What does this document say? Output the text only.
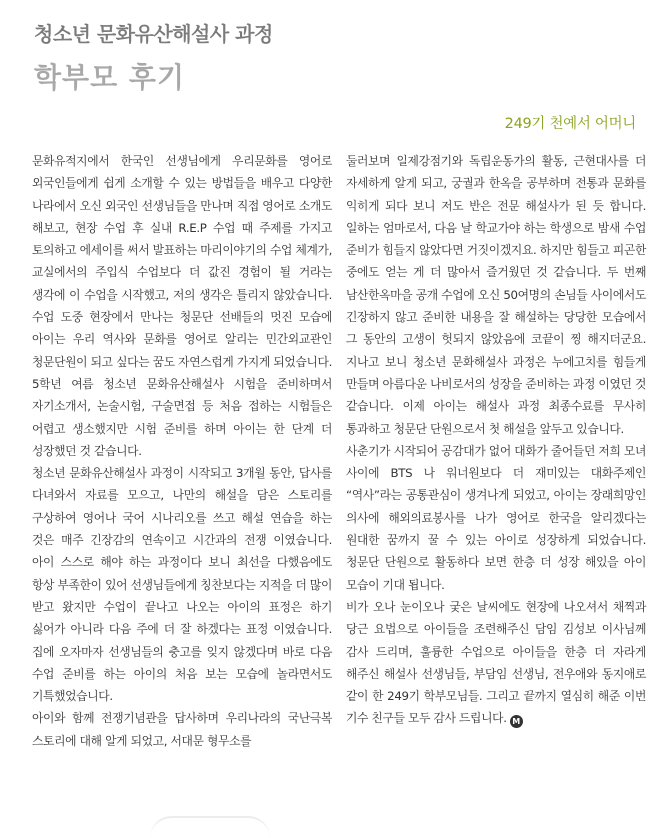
청소년 문화유산해설사 과정
학부모 후기
249기 천예서 어머니

문화유적지에서 한국인 선생님에게 우리문화를 영어로 외국인들에게 쉽게 소개할 수 있는 방법들을 배우고 다양한 나라에서 오신 외국인 선생님들을 만나며 직접 영어로 소개도 해보고, 현장 수업 후 실내 R.E.P 수업 때 주제를 가지고 토의하고 에세이를 써서 발표하는 마리이야기의 수업 체계가, 교실에서의 주입식 수업보다 더 값진 경험이 될 거라는 생각에 이 수업을 시작했고, 저의 생각은 틀리지 않았습니다. 수업 도중 현장에서 만나는 청문단 선배들의 멋진 모습에 아이는 우리 역사와 문화를 영어로 알리는 민간외교관인 청문단원이 되고 싶다는 꿈도 자연스럽게 가지게 되었습니다. 5학년 여름 청소년 문화유산해설사 시험을 준비하며서 자기소개서, 논술시험, 구술면접 등 처음 접하는 시험들은 어렵고 생소했지만 시험 준비를 하며 아이는 한 단계 더 성장했던 것 같습니다.

청소년 문화유산해설사 과정이 시작되고 3개월 동안, 답사를 다녀와서 자료를 모으고, 나만의 해설을 담은 스토리를 구상하여 영어나 국어 시나리오를 쓰고 해설 연습을 하는 것은 매주 긴장감의 연속이고 시간과의 전쟁 이였습니다. 아이 스스로 해야 하는 과정이다 보니 최선을 다했음에도 항상 부족한이 있어 선생님들에게 칭찬보다는 지적을 더 많이 받고 왔지만 수업이 끝나고 나오는 아이의 표정은 하기 싫어가 아니라 다음 주에 더 잘 하겠다는 표정 이였습니다. 집에 오자마자 선생님들의 충고를 잊지 않겠다며 바로 다음 수업 준비를 하는 아이의 처음 보는 모습에 놀라면서도 기특했었습니다.

아이와 함께 전쟁기념관을 답사하며 우리나라의 국난극복 스토리에 대해 알게 되었고, 서대문 형무소를

둘러보며 일제강점기와 독립운동가의 활동, 근현대사를 더 자세하게 알게 되고, 궁궐과 한옥을 공부하며 전통과 문화를 익히게 되다 보니 저도 반은 전문 해설사가 된 듯 합니다. 일하는 엄마로서, 다음 날 학교가야 하는 학생으로 밤새 수업 준비가 힘들지 않았다면 거짓이겠지요. 하지만 힘들고 피곤한 중에도 얻는 게 더 많아서 즐거웠던 것 같습니다. 두 번째 남산한옥마을 공개 수업에 오신 50여명의 손님들 사이에서도 긴장하지 않고 준비한 내용을 잘 해설하는 당당한 모습에서 그 동안의 고생이 헛되지 않았음에 코끝이 찡 해지더군요. 지나고 보니 청소년 문화해설사 과정은 누에고치를 힘들게 만들며 아름다운 나비로서의 성장을 준비하는 과정 이였던 것 같습니다. 이제 아이는 해설사 과정 최종수료를 무사히 통과하고 청문단 단원으로서 첫 해설을 앞두고 있습니다.

사춘기가 시작되어 공감대가 없어 대화가 줄어들던 저희 모녀 사이에 BTS 나 워너원보다 더 재미있는 대화주제인 “역사”라는 공통관심이 생겨나게 되었고, 아이는 장래희망인 의사에 해외의료봉사를 나가 영어로 한국을 알리겠다는 원대한 꿈까지 꿀 수 있는 아이로 성장하게 되었습니다. 청문단 단원으로 활동하다 보면 한층 더 성장 해있을 아이 모습이 기대 됩니다.

비가 오나 눈이오나 궂은 날씨에도 현장에 나오셔서 채찍과 당근 요법으로 아이들을 조련해주신 담임 김성보 이사님께 감사 드리며, 훌륭한 수업으로 아이들을 한층 더 자라게 해주신 해설사 선생님들, 부담임 선생님, 전우애와 동지애로 같이 한 249기 학부모님들. 그리고 끝까지 열심히 해준 이번 기수 친구들 모두 감사 드립니다. M
